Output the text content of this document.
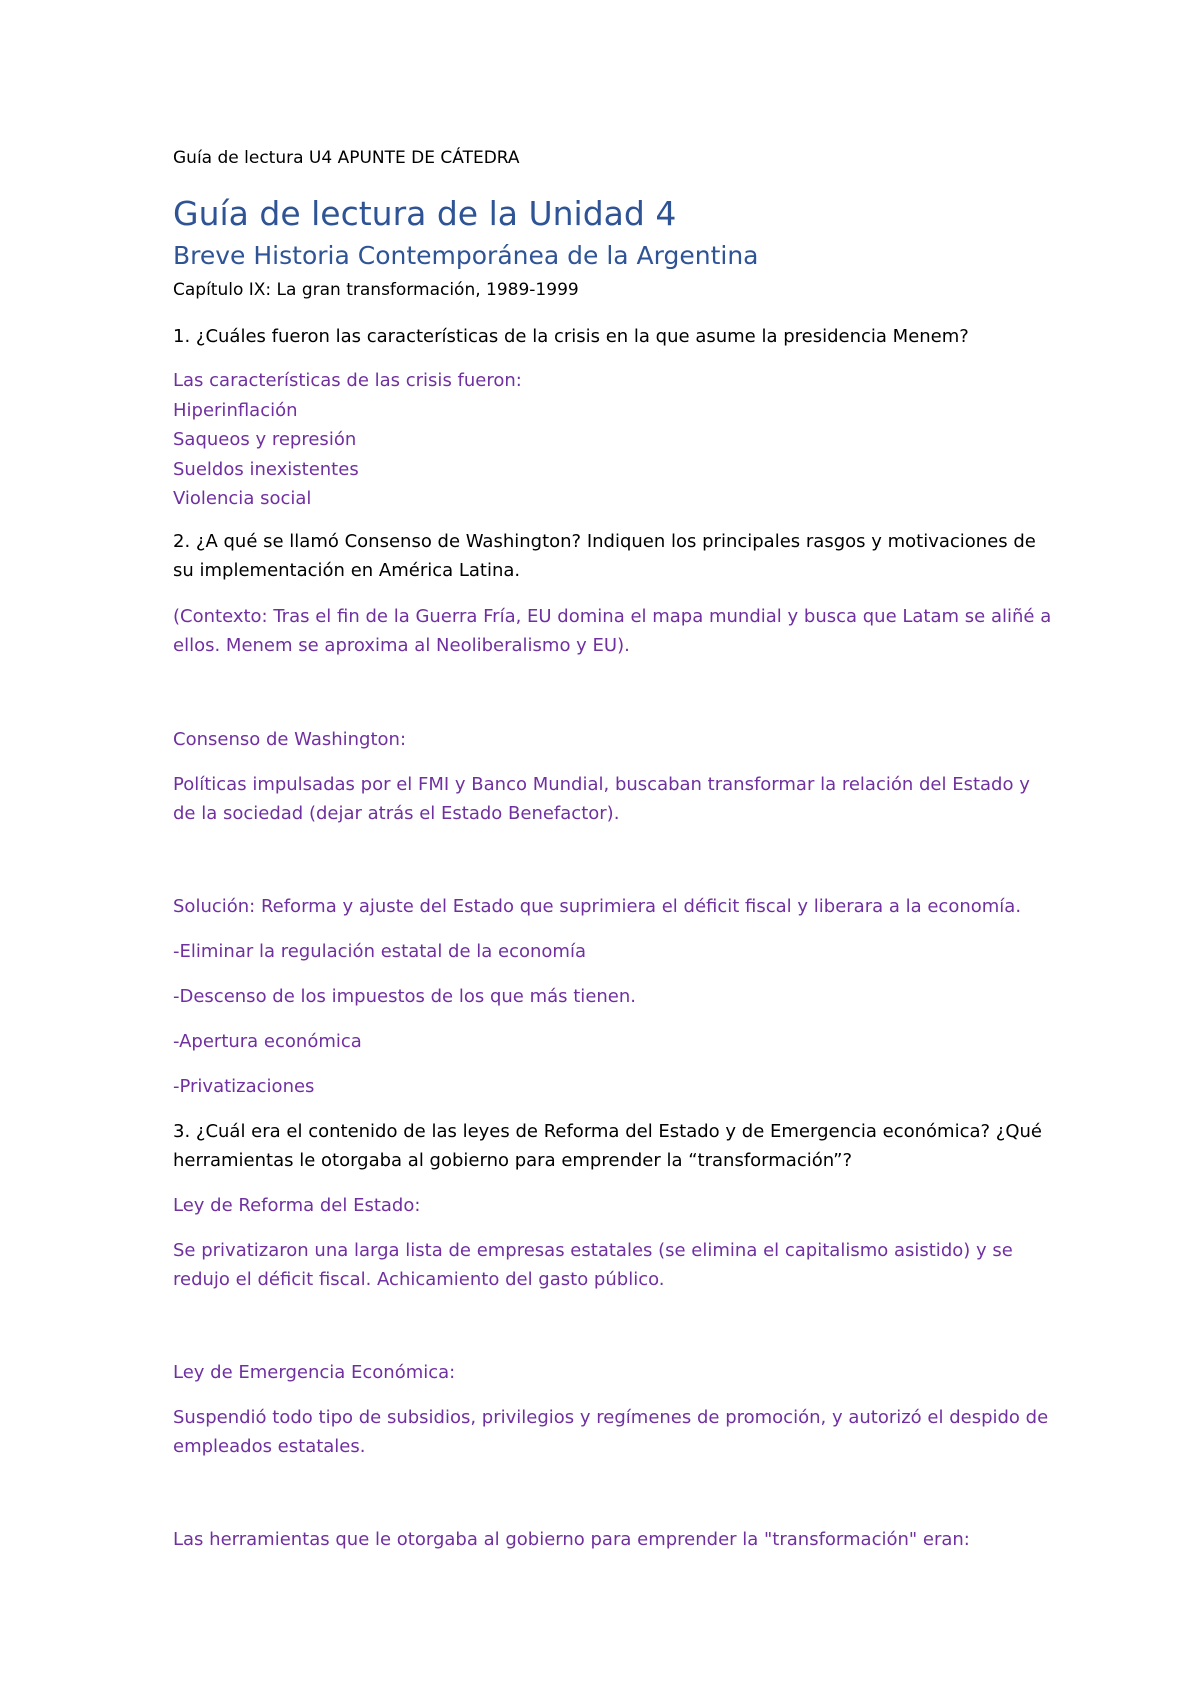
Guía de lectura U4 APUNTE DE CÁTEDRA

Guía de lectura de la Unidad 4
Breve Historia Contemporánea de la Argentina

Capítulo IX: La gran transformación, 1989-1999

1. ¿Cuáles fueron las características de la crisis en la que asume la presidencia Menem?

Las características de las crisis fueron:
Hiperinflación
Saqueos y represión
Sueldos inexistentes
Violencia social

2. ¿A qué se llamó Consenso de Washington? Indiquen los principales rasgos y motivaciones de su implementación en América Latina.

(Contexto: Tras el fin de la Guerra Fría, EU domina el mapa mundial y busca que Latam se aliñé a ellos. Menem se aproxima al Neoliberalismo y EU).

Consenso de Washington:

Políticas impulsadas por el FMI y Banco Mundial, buscaban transformar la relación del Estado y de la sociedad (dejar atrás el Estado Benefactor).

Solución: Reforma y ajuste del Estado que suprimiera el déficit fiscal y liberara a la economía.

-Eliminar la regulación estatal de la economía

-Descenso de los impuestos de los que más tienen.

-Apertura económica

-Privatizaciones

3. ¿Cuál era el contenido de las leyes de Reforma del Estado y de Emergencia económica? ¿Qué herramientas le otorgaba al gobierno para emprender la “transformación”?

Ley de Reforma del Estado:

Se privatizaron una larga lista de empresas estatales (se elimina el capitalismo asistido) y se redujo el déficit fiscal. Achicamiento del gasto público.

Ley de Emergencia Económica:

Suspendió todo tipo de subsidios, privilegios y regímenes de promoción, y autorizó el despido de empleados estatales.

Las herramientas que le otorgaba al gobierno para emprender la "transformación" eran:
